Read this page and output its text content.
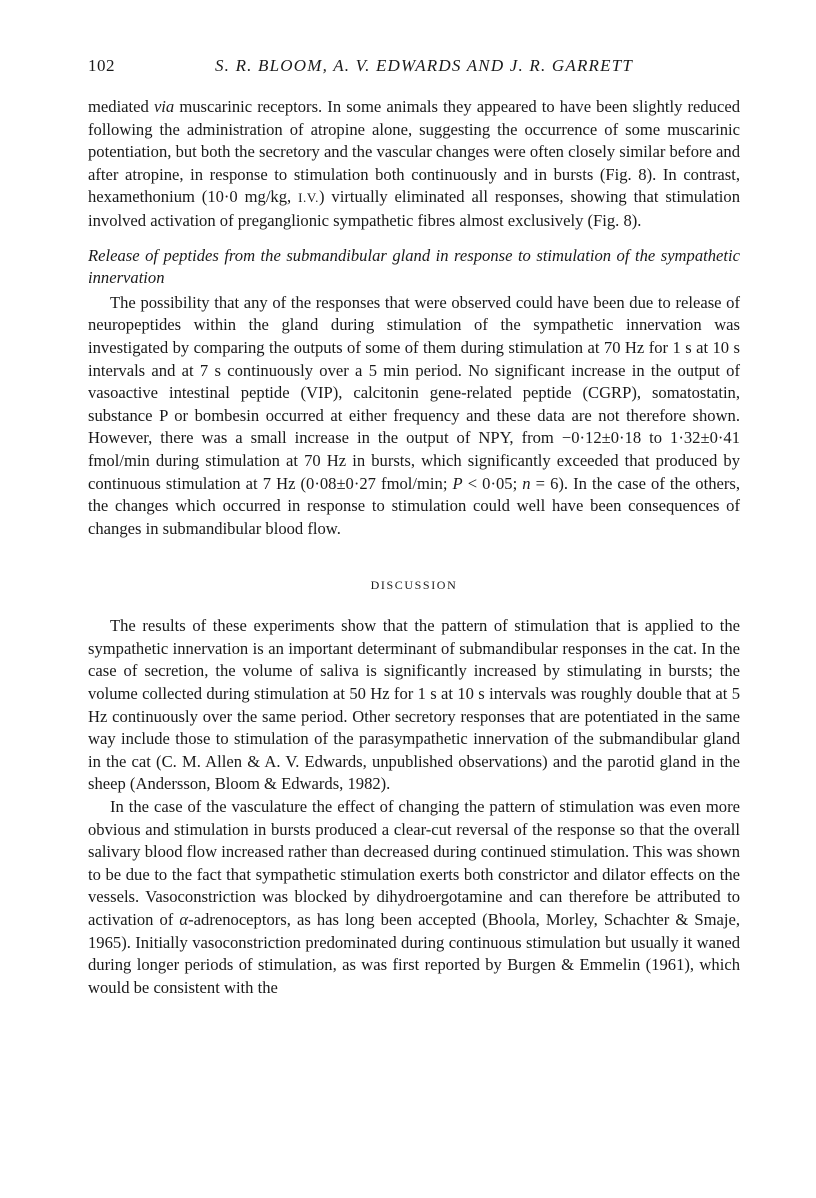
102	S. R. BLOOM, A. V. EDWARDS AND J. R. GARRETT

mediated via muscarinic receptors. In some animals they appeared to have been slightly reduced following the administration of atropine alone, suggesting the occurrence of some muscarinic potentiation, but both the secretory and the vascular changes were often closely similar before and after atropine, in response to stimulation both continuously and in bursts (Fig. 8). In contrast, hexamethonium (10·0 mg/kg, I.V.) virtually eliminated all responses, showing that stimulation involved activation of preganglionic sympathetic fibres almost exclusively (Fig. 8).

Release of peptides from the submandibular gland in response to stimulation of the sympathetic innervation

The possibility that any of the responses that were observed could have been due to release of neuropeptides within the gland during stimulation of the sympathetic innervation was investigated by comparing the outputs of some of them during stimulation at 70 Hz for 1 s at 10 s intervals and at 7 s continuously over a 5 min period. No significant increase in the output of vasoactive intestinal peptide (VIP), calcitonin gene-related peptide (CGRP), somatostatin, substance P or bombesin occurred at either frequency and these data are not therefore shown. However, there was a small increase in the output of NPY, from −0·12±0·18 to 1·32±0·41 fmol/min during stimulation at 70 Hz in bursts, which significantly exceeded that produced by continuous stimulation at 7 Hz (0·08±0·27 fmol/min; P < 0·05; n = 6). In the case of the others, the changes which occurred in response to stimulation could well have been consequences of changes in submandibular blood flow.

DISCUSSION

The results of these experiments show that the pattern of stimulation that is applied to the sympathetic innervation is an important determinant of submandibular responses in the cat. In the case of secretion, the volume of saliva is significantly increased by stimulating in bursts; the volume collected during stimulation at 50 Hz for 1 s at 10 s intervals was roughly double that at 5 Hz continuously over the same period. Other secretory responses that are potentiated in the same way include those to stimulation of the parasympathetic innervation of the submandibular gland in the cat (C. M. Allen & A. V. Edwards, unpublished observations) and the parotid gland in the sheep (Andersson, Bloom & Edwards, 1982).

In the case of the vasculature the effect of changing the pattern of stimulation was even more obvious and stimulation in bursts produced a clear-cut reversal of the response so that the overall salivary blood flow increased rather than decreased during continued stimulation. This was shown to be due to the fact that sympathetic stimulation exerts both constrictor and dilator effects on the vessels. Vasoconstriction was blocked by dihydroergotamine and can therefore be attributed to activation of α-adrenoceptors, as has long been accepted (Bhoola, Morley, Schachter & Smaje, 1965). Initially vasoconstriction predominated during continuous stimulation but usually it waned during longer periods of stimulation, as was first reported by Burgen & Emmelin (1961), which would be consistent with the
